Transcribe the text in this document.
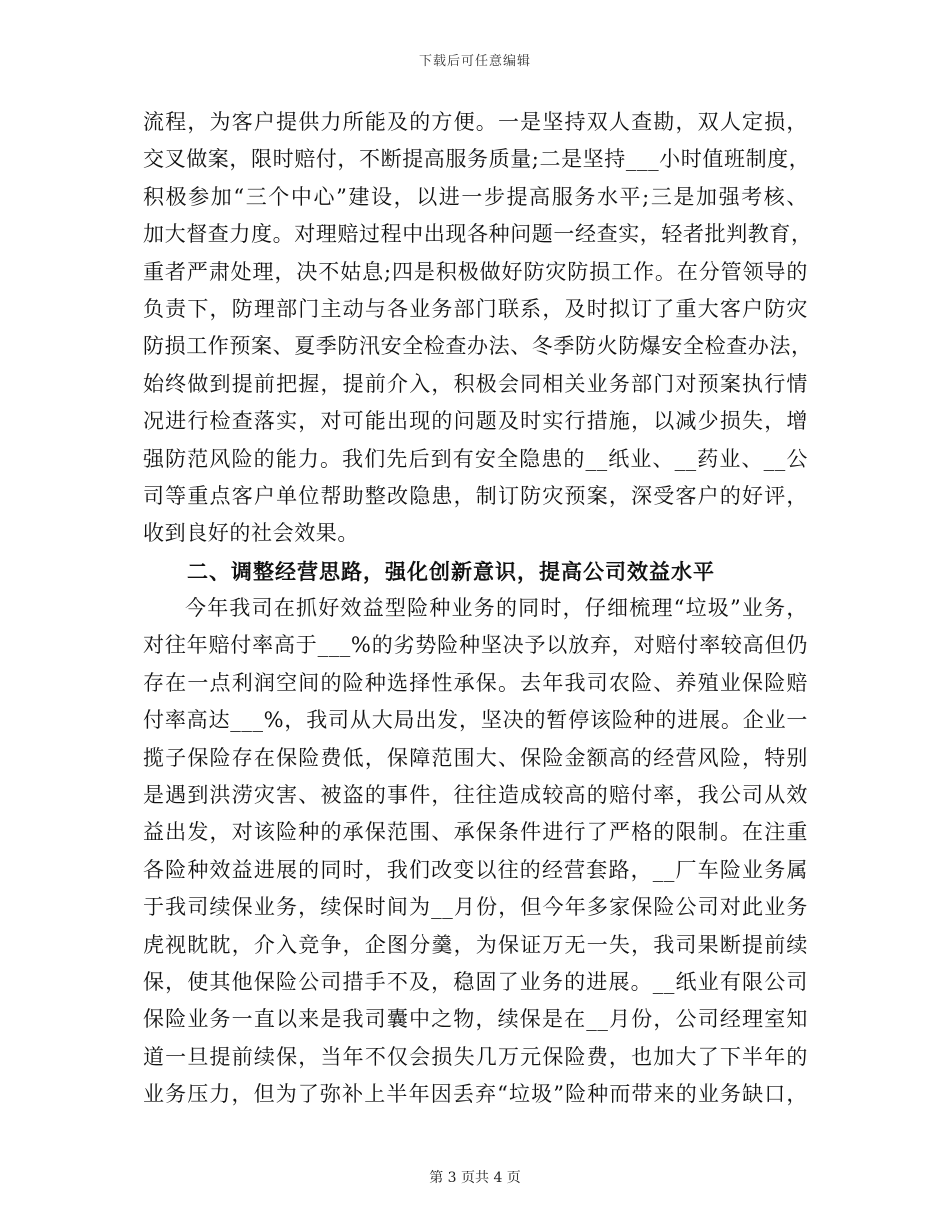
下载后可任意编辑
流程，为客户提供力所能及的方便。一是坚持双人查勘，双人定损，
交叉做案，限时赔付，不断提高服务质量;二是坚持___小时值班制度，
积极参加“三个中心”建设，以进一步提高服务水平;三是加强考核、
加大督查力度。对理赔过程中出现各种问题一经查实，轻者批判教育，
重者严肃处理，决不姑息;四是积极做好防灾防损工作。在分管领导的
负责下，防理部门主动与各业务部门联系，及时拟订了重大客户防灾
防损工作预案、夏季防汛安全检查办法、冬季防火防爆安全检查办法，
始终做到提前把握，提前介入，积极会同相关业务部门对预案执行情
况进行检查落实，对可能出现的问题及时实行措施，以减少损失，增
强防范风险的能力。我们先后到有安全隐患的__纸业、__药业、__公
司等重点客户单位帮助整改隐患，制订防灾预案，深受客户的好评，
收到良好的社会效果。
二、调整经营思路，强化创新意识，提高公司效益水平
今年我司在抓好效益型险种业务的同时，仔细梳理“垃圾”业务，
对往年赔付率高于___%的劣势险种坚决予以放弃，对赔付率较高但仍
存在一点利润空间的险种选择性承保。去年我司农险、养殖业保险赔
付率高达___%，我司从大局出发，坚决的暂停该险种的进展。企业一
揽子保险存在保险费低，保障范围大、保险金额高的经营风险，特别
是遇到洪涝灾害、被盗的事件，往往造成较高的赔付率，我公司从效
益出发，对该险种的承保范围、承保条件进行了严格的限制。在注重
各险种效益进展的同时，我们改变以往的经营套路，__厂车险业务属
于我司续保业务，续保时间为__月份，但今年多家保险公司对此业务
虎视眈眈，介入竞争，企图分羹，为保证万无一失，我司果断提前续
保，使其他保险公司措手不及，稳固了业务的进展。__纸业有限公司
保险业务一直以来是我司囊中之物，续保是在__月份，公司经理室知
道一旦提前续保，当年不仅会损失几万元保险费，也加大了下半年的
业务压力，但为了弥补上半年因丢弃“垃圾”险种而带来的业务缺口，
第 3 页共 4 页
